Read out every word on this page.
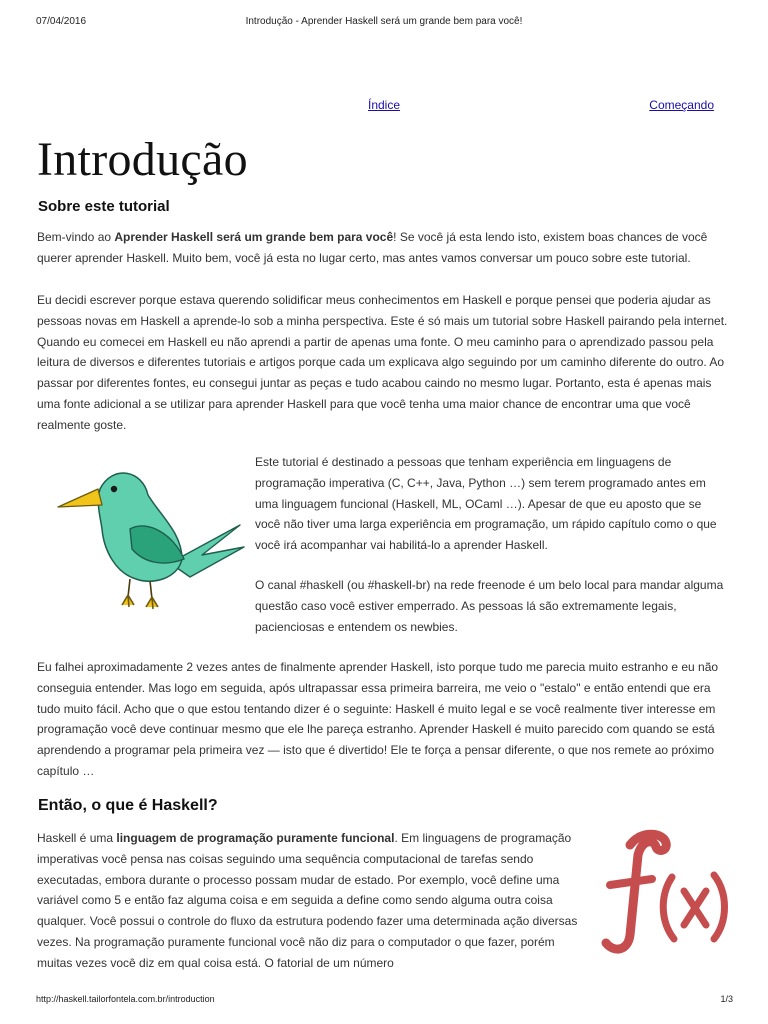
07/04/2016	Introdução - Aprender Haskell será um grande bem para você!
Índice	Começando
Introdução
Sobre este tutorial

Bem-vindo ao Aprender Haskell será um grande bem para você! Se você já esta lendo isto, existem boas chances de você querer aprender Haskell. Muito bem, você já esta no lugar certo, mas antes vamos conversar um pouco sobre este tutorial.

Eu decidi escrever porque estava querendo solidificar meus conhecimentos em Haskell e porque pensei que poderia ajudar as pessoas novas em Haskell a aprende-lo sob a minha perspectiva. Este é só mais um tutorial sobre Haskell pairando pela internet. Quando eu comecei em Haskell eu não aprendi a partir de apenas uma fonte. O meu caminho para o aprendizado passou pela leitura de diversos e diferentes tutoriais e artigos porque cada um explicava algo seguindo por um caminho diferente do outro. Ao passar por diferentes fontes, eu consegui juntar as peças e tudo acabou caindo no mesmo lugar. Portanto, esta é apenas mais uma fonte adicional a se utilizar para aprender Haskell para que você tenha uma maior chance de encontrar uma que você realmente goste.

Este tutorial é destinado a pessoas que tenham experiência em linguagens de programação imperativa (C, C++, Java, Python …) sem terem programado antes em uma linguagem funcional (Haskell, ML, OCaml …). Apesar de que eu aposto que se você não tiver uma larga experiência em programação, um rápido capítulo como o que você irá acompanhar vai habilitá-lo a aprender Haskell.

O canal #haskell (ou #haskell-br) na rede freenode é um belo local para mandar alguma questão caso você estiver emperrado. As pessoas lá são extremamente legais, pacienciosas e entendem os newbies.

Eu falhei aproximadamente 2 vezes antes de finalmente aprender Haskell, isto porque tudo me parecia muito estranho e eu não conseguia entender. Mas logo em seguida, após ultrapassar essa primeira barreira, me veio o "estalo" e então entendi que era tudo muito fácil. Acho que o que estou tentando dizer é o seguinte: Haskell é muito legal e se você realmente tiver interesse em programação você deve continuar mesmo que ele lhe pareça estranho. Aprender Haskell é muito parecido com quando se está aprendendo a programar pela primeira vez — isto que é divertido! Ele te força a pensar diferente, o que nos remete ao próximo capítulo …

Então, o que é Haskell?

Haskell é uma linguagem de programação puramente funcional. Em linguagens de programação imperativas você pensa nas coisas seguindo uma sequência computacional de tarefas sendo executadas, embora durante o processo possam mudar de estado. Por exemplo, você define uma variável como 5 e então faz alguma coisa e em seguida a define como sendo alguma outra coisa qualquer. Você possui o controle do fluxo da estrutura podendo fazer uma determinada ação diversas vezes. Na programação puramente funcional você não diz para o computador o que fazer, porém muitas vezes você diz em qual coisa está. O fatorial de um número

http://haskell.tailorfontela.com.br/introduction	1/3
